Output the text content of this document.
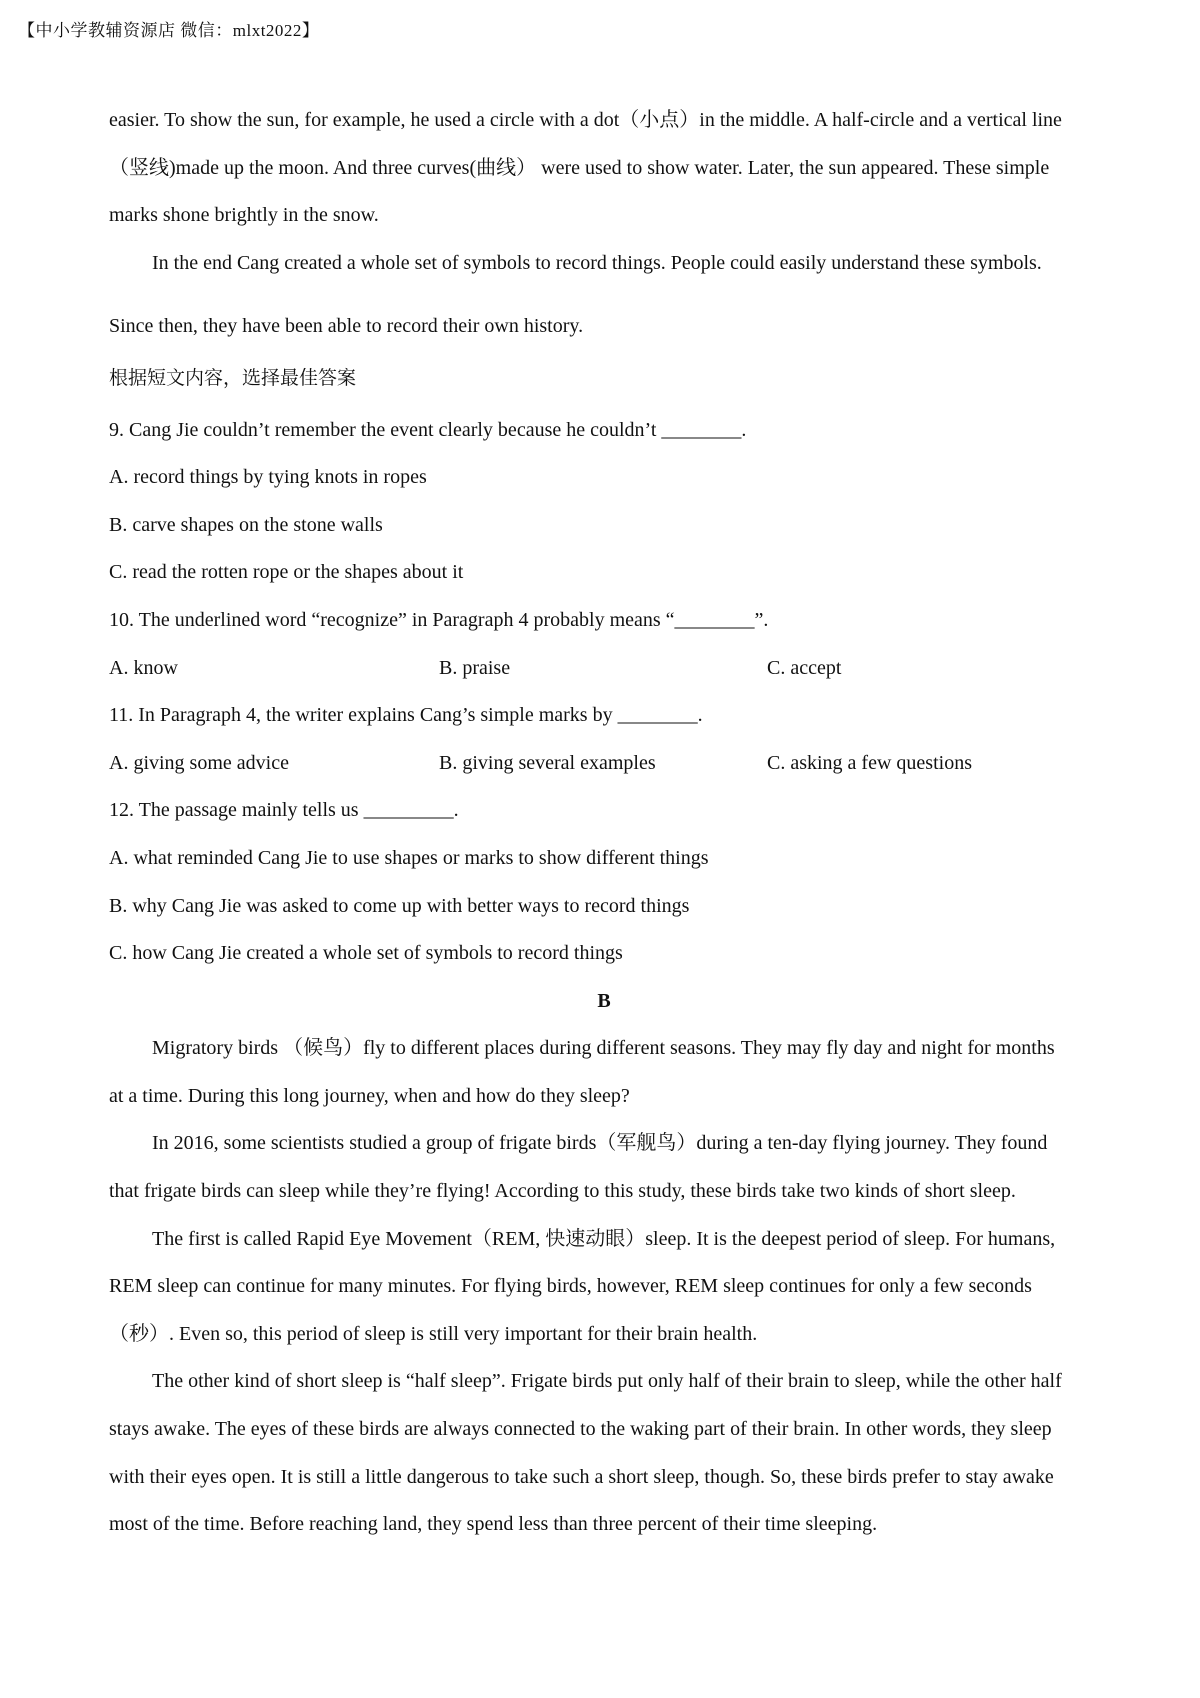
【中小学教辅资源店 微信：mlxt2022】
easier. To show the sun, for example, he used a circle with a dot（小点）in the middle. A half-circle and a vertical line
（竖线)made up the moon. And three curves(曲线） were used to show water. Later, the sun appeared. These simple
marks shone brightly in the snow.
In the end Cang created a whole set of symbols to record things. People could easily understand these symbols.
Since then, they have been able to record their own history.
根据短文内容，选择最佳答案
9. Cang Jie couldn’t remember the event clearly because he couldn’t ________.
A. record things by tying knots in ropes
B. carve shapes on the stone walls
C. read the rotten rope or the shapes about it
10. The underlined word “recognize” in Paragraph 4 probably means “________”.
A. know	B. praise	C. accept
11. In Paragraph 4, the writer explains Cang’s simple marks by ________.
A. giving some advice	B. giving several examples	C. asking a few questions
12. The passage mainly tells us _________.
A. what reminded Cang Jie to use shapes or marks to show different things
B. why Cang Jie was asked to come up with better ways to record things
C. how Cang Jie created a whole set of symbols to record things
B
Migratory birds （候鸟）fly to different places during different seasons. They may fly day and night for months
at a time. During this long journey, when and how do they sleep?
In 2016, some scientists studied a group of frigate birds（军舰鸟）during a ten-day flying journey. They found
that frigate birds can sleep while they’re flying! According to this study, these birds take two kinds of short sleep.
The first is called Rapid Eye Movement（REM, 快速动眼）sleep. It is the deepest period of sleep. For humans,
REM sleep can continue for many minutes. For flying birds, however, REM sleep continues for only a few seconds
（秒）. Even so, this period of sleep is still very important for their brain health.
The other kind of short sleep is “half sleep”. Frigate birds put only half of their brain to sleep, while the other half
stays awake. The eyes of these birds are always connected to the waking part of their brain. In other words, they sleep
with their eyes open. It is still a little dangerous to take such a short sleep, though. So, these birds prefer to stay awake
most of the time. Before reaching land, they spend less than three percent of their time sleeping.
